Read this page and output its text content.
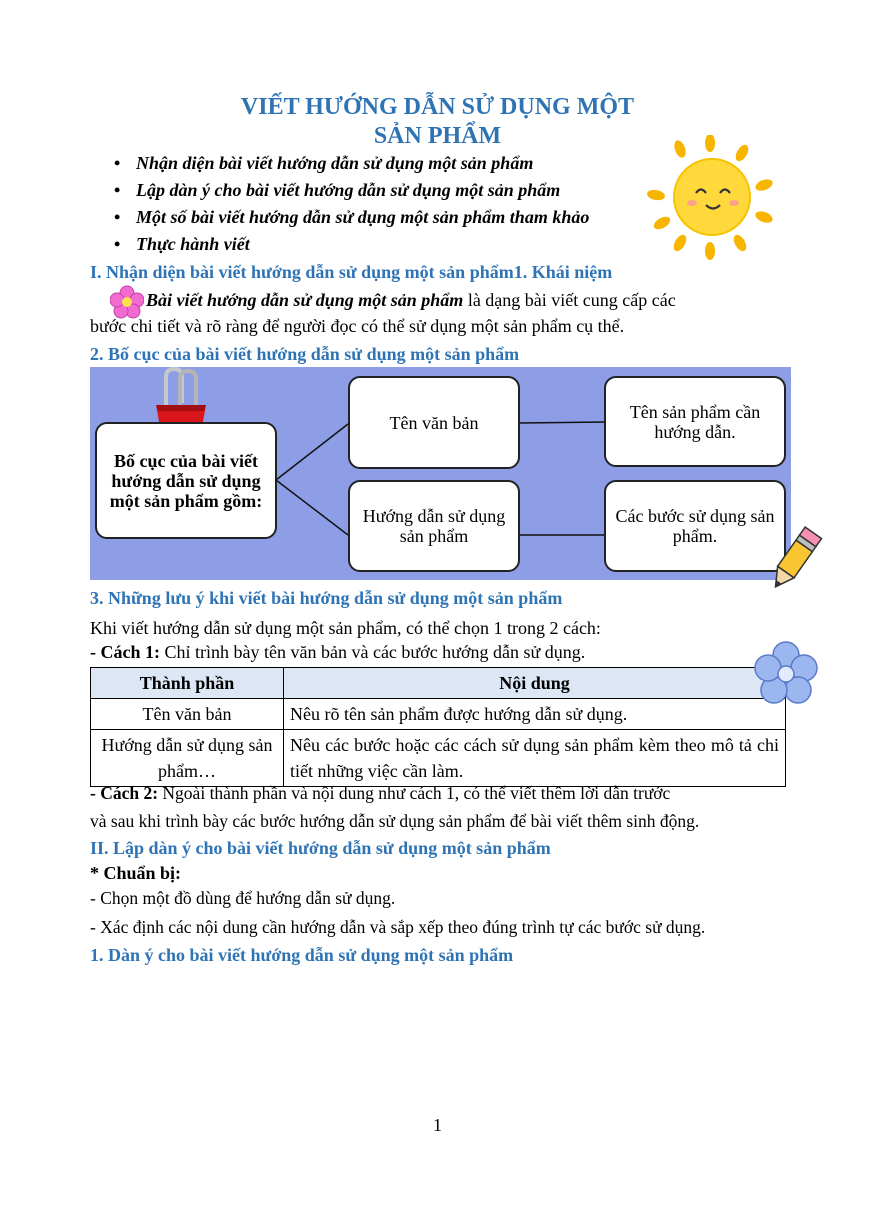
VIẾT HƯỚNG DẪN SỬ DỤNG MỘT
SẢN PHẨM
• Nhận diện bài viết hướng dẫn sử dụng một sản phẩm
• Lập dàn ý cho bài viết hướng dẫn sử dụng một sản phẩm
• Một số bài viết hướng dẫn sử dụng một sản phẩm tham khảo
• Thực hành viết
I. Nhận diện bài viết hướng dẫn sử dụng một sản phẩm1. Khái niệm
Bài viết hướng dẫn sử dụng một sản phẩm là dạng bài viết cung cấp các
bước chi tiết và rõ ràng để người đọc có thể sử dụng một sản phẩm cụ thể.
2. Bố cục của bài viết hướng dẫn sử dụng một sản phẩm
Bố cục của bài viết hướng dẫn sử dụng một sản phẩm gồm:
Tên văn bản
Tên sản phẩm cần hướng dẫn.
Hướng dẫn sử dụng sản phẩm
Các bước sử dụng sản phẩm.
3. Những lưu ý khi viết bài hướng dẫn sử dụng một sản phẩm
Khi viết hướng dẫn sử dụng một sản phẩm, có thể chọn 1 trong 2 cách:
- Cách 1: Chỉ trình bày tên văn bản và các bước hướng dẫn sử dụng.
Thành phần	Nội dung
Tên văn bản	Nêu rõ tên sản phẩm được hướng dẫn sử dụng.
Hướng dẫn sử dụng sản phẩm…	Nêu các bước hoặc các cách sử dụng sản phẩm kèm theo mô tả chi tiết những việc cần làm.
- Cách 2: Ngoài thành phần và nội dung như cách 1, có thể viết thêm lời dẫn trước
và sau khi trình bày các bước hướng dẫn sử dụng sản phẩm để bài viết thêm sinh động.
II. Lập dàn ý cho bài viết hướng dẫn sử dụng một sản phẩm
* Chuẩn bị:
- Chọn một đồ dùng để hướng dẫn sử dụng.
- Xác định các nội dung cần hướng dẫn và sắp xếp theo đúng trình tự các bước sử dụng.
1. Dàn ý cho bài viết hướng dẫn sử dụng một sản phẩm
1
